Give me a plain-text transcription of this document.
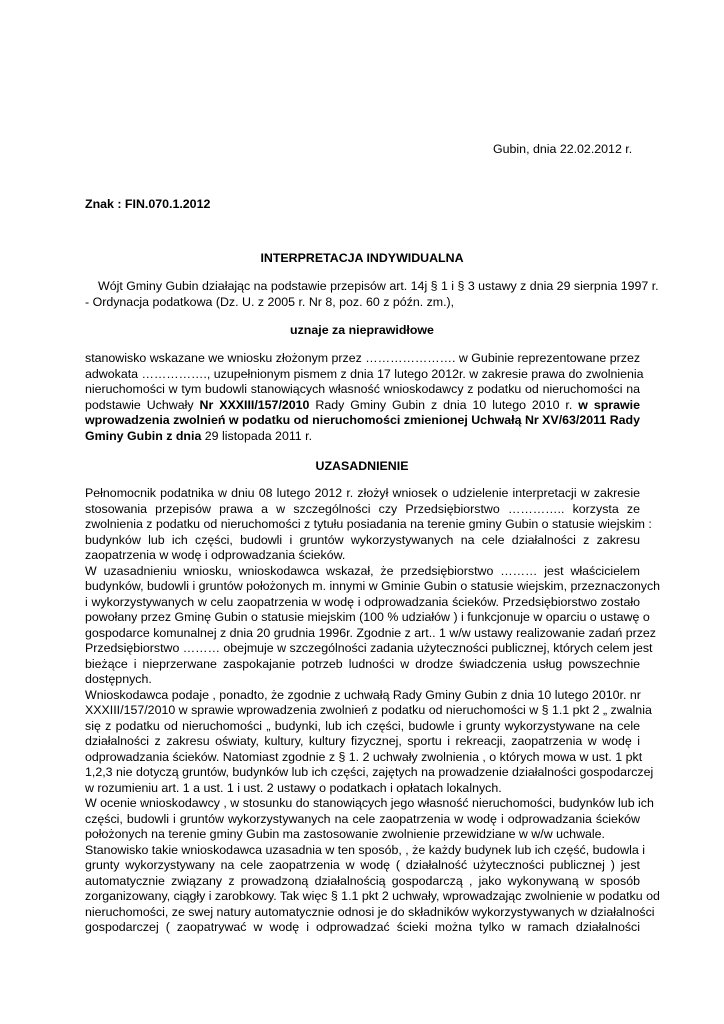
Gubin, dnia 22.02.2012 r.
Znak : FIN.070.1.2012
INTERPRETACJA INDYWIDUALNA
Wójt Gminy Gubin działając na podstawie przepisów art. 14j § 1 i § 3 ustawy z dnia 29 sierpnia 1997 r.
- Ordynacja podatkowa (Dz. U. z 2005 r. Nr 8, poz. 60 z późn. zm.),
uznaje za nieprawidłowe
stanowisko wskazane we wniosku złożonym przez …………………. w Gubinie reprezentowane przez
adwokata ……………., uzupełnionym pismem z dnia 17 lutego 2012r. w zakresie prawa do zwolnienia
nieruchomości w tym budowli stanowiących własność wnioskodawcy z podatku od nieruchomości na
podstawie Uchwały Nr XXXIII/157/2010 Rady Gminy Gubin z dnia 10 lutego 2010 r. w sprawie
wprowadzenia zwolnień w podatku od nieruchomości zmienionej Uchwałą Nr XV/63/2011 Rady
Gminy Gubin z dnia 29 listopada 2011 r.
UZASADNIENIE
Pełnomocnik podatnika w dniu 08 lutego 2012 r. złożył wniosek o udzielenie interpretacji w zakresie
stosowania przepisów prawa a w szczególności czy Przedsiębiorstwo ………….. korzysta ze
zwolnienia z podatku od nieruchomości z tytułu posiadania na terenie gminy Gubin o statusie wiejskim :
budynków lub ich części, budowli i gruntów wykorzystywanych na cele działalności z zakresu
zaopatrzenia w wodę i odprowadzania ścieków.
W uzasadnieniu wniosku, wnioskodawca wskazał, że przedsiębiorstwo ……… jest właścicielem
budynków, budowli i gruntów położonych m. innymi w Gminie Gubin o statusie wiejskim, przeznaczonych
i wykorzystywanych w celu zaopatrzenia w wodę i odprowadzania ścieków. Przedsiębiorstwo zostało
powołany przez Gminę Gubin o statusie miejskim (100 % udziałów ) i funkcjonuje w oparciu o ustawę o
gospodarce komunalnej z dnia 20 grudnia 1996r. Zgodnie z art.. 1 w/w ustawy realizowanie zadań przez
Przedsiębiorstwo ……… obejmuje w szczególności zadania użyteczności publicznej, których celem jest
bieżące i nieprzerwane zaspokajanie potrzeb ludności w drodze świadczenia usług powszechnie
dostępnych.
Wnioskodawca podaje , ponadto, że zgodnie z uchwałą Rady Gminy Gubin z dnia 10 lutego 2010r. nr
XXXIII/157/2010 w sprawie wprowadzenia zwolnień z podatku od nieruchomości w § 1.1 pkt 2 „ zwalnia
się z podatku od nieruchomości „ budynki, lub ich części, budowle i grunty wykorzystywane na cele
działalności z zakresu oświaty, kultury, kultury fizycznej, sportu i rekreacji, zaopatrzenia w wodę i
odprowadzania ścieków. Natomiast zgodnie z § 1. 2 uchwały zwolnienia , o których mowa w ust. 1 pkt
1,2,3 nie dotyczą gruntów, budynków lub ich części, zajętych na prowadzenie działalności gospodarczej
w rozumieniu art. 1 a ust. 1 i ust. 2 ustawy o podatkach i opłatach lokalnych.
W ocenie wnioskodawcy , w stosunku do stanowiących jego własność nieruchomości, budynków lub ich
części, budowli i gruntów wykorzystywanych na cele zaopatrzenia w wodę i odprowadzania ścieków
położonych na terenie gminy Gubin ma zastosowanie zwolnienie przewidziane w w/w uchwale.
Stanowisko takie wnioskodawca uzasadnia w ten sposób, , że każdy budynek lub ich część, budowla i
grunty wykorzystywany na cele zaopatrzenia w wodę ( działalność użyteczności publicznej ) jest
automatycznie związany z prowadzoną działalnością gospodarczą , jako wykonywaną w sposób
zorganizowany, ciągły i zarobkowy. Tak więc § 1.1 pkt 2 uchwały, wprowadzając zwolnienie w podatku od
nieruchomości, ze swej natury automatycznie odnosi je do składników wykorzystywanych w działalności
gospodarczej ( zaopatrywać w wodę i odprowadzać ścieki można tylko w ramach działalności
